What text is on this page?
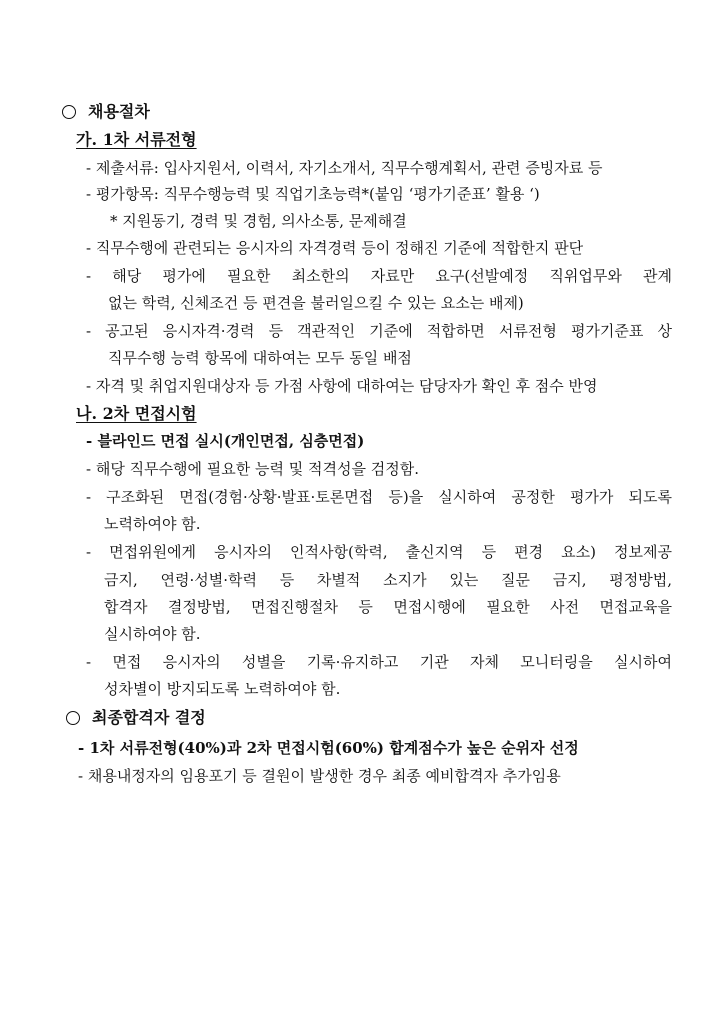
채용절차
가. 1차 서류전형
- 제출서류: 입사지원서, 이력서, 자기소개서, 직무수행계획서, 관련 증빙자료 등
- 평가항목: 직무수행능력 및 직업기초능력*(붙임 ‘평가기준표’ 활용 ‘)
* 지원동기, 경력 및 경험, 의사소통, 문제해결
- 직무수행에 관련되는 응시자의 자격경력 등이 정해진 기준에 적합한지 판단
- 해당 평가에 필요한 최소한의 자료만 요구(선발예정 직위업무와 관계
없는 학력, 신체조건 등 편견을 불러일으킬 수 있는 요소는 배제)
- 공고된 응시자격·경력 등 객관적인 기준에 적합하면 서류전형 평가기준표 상
직무수행 능력 항목에 대하여는 모두 동일 배점
- 자격 및 취업지원대상자 등 가점 사항에 대하여는 담당자가 확인 후 점수 반영
나. 2차 면접시험
- 블라인드 면접 실시(개인면접, 심층면접)
- 해당 직무수행에 필요한 능력 및 적격성을 검정함.
- 구조화된 면접(경험·상황·발표·토론면접 등)을 실시하여 공정한 평가가 되도록
노력하여야 함.
- 면접위원에게 응시자의 인적사항(학력, 출신지역 등 편경 요소) 정보제공
금지, 연령·성별·학력 등 차별적 소지가 있는 질문 금지, 평정방법,
합격자 결정방법, 면접진행절차 등 면접시행에 필요한 사전 면접교육을
실시하여야 함.
- 면접 응시자의 성별을 기록·유지하고 기관 자체 모니터링을 실시하여
성차별이 방지되도록 노력하여야 함.
최종합격자 결정
- 1차 서류전형(40%)과 2차 면접시험(60%) 합계점수가 높은 순위자 선정
- 채용내정자의 임용포기 등 결원이 발생한 경우 최종 예비합격자 추가임용
